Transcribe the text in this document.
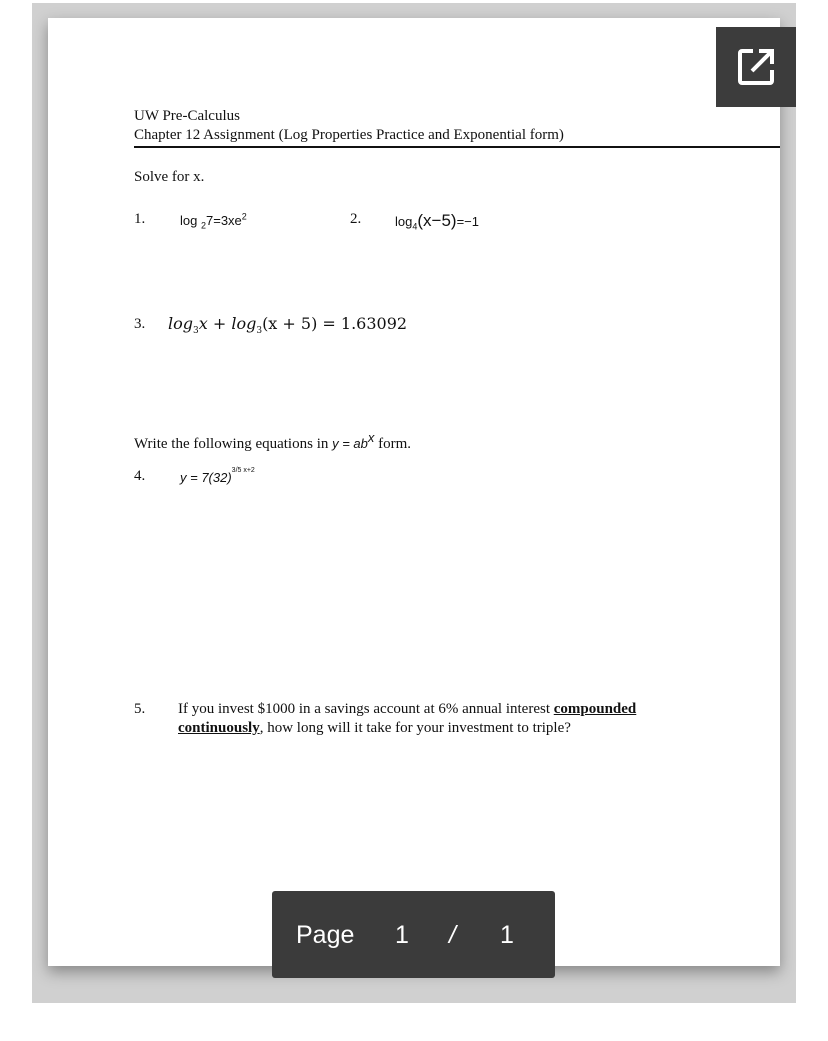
UW Pre-Calculus
Chapter 12 Assignment (Log Properties Practice and Exponential form)
Solve for x.
1.	$\log _27=3xe^2$	2.	$\log_4(x-5)=-1$
3. $\log_3x + \log_3(x + 5) = 1.63092$
Write the following equations in $y = ab^x$ form.
4.	$y = 7(32)^{3/5 x+2}$
5. If you invest $1000 in a savings account at 6% annual interest compounded
continuously, how long will it take for your investment to triple?
Page 1 / 1
